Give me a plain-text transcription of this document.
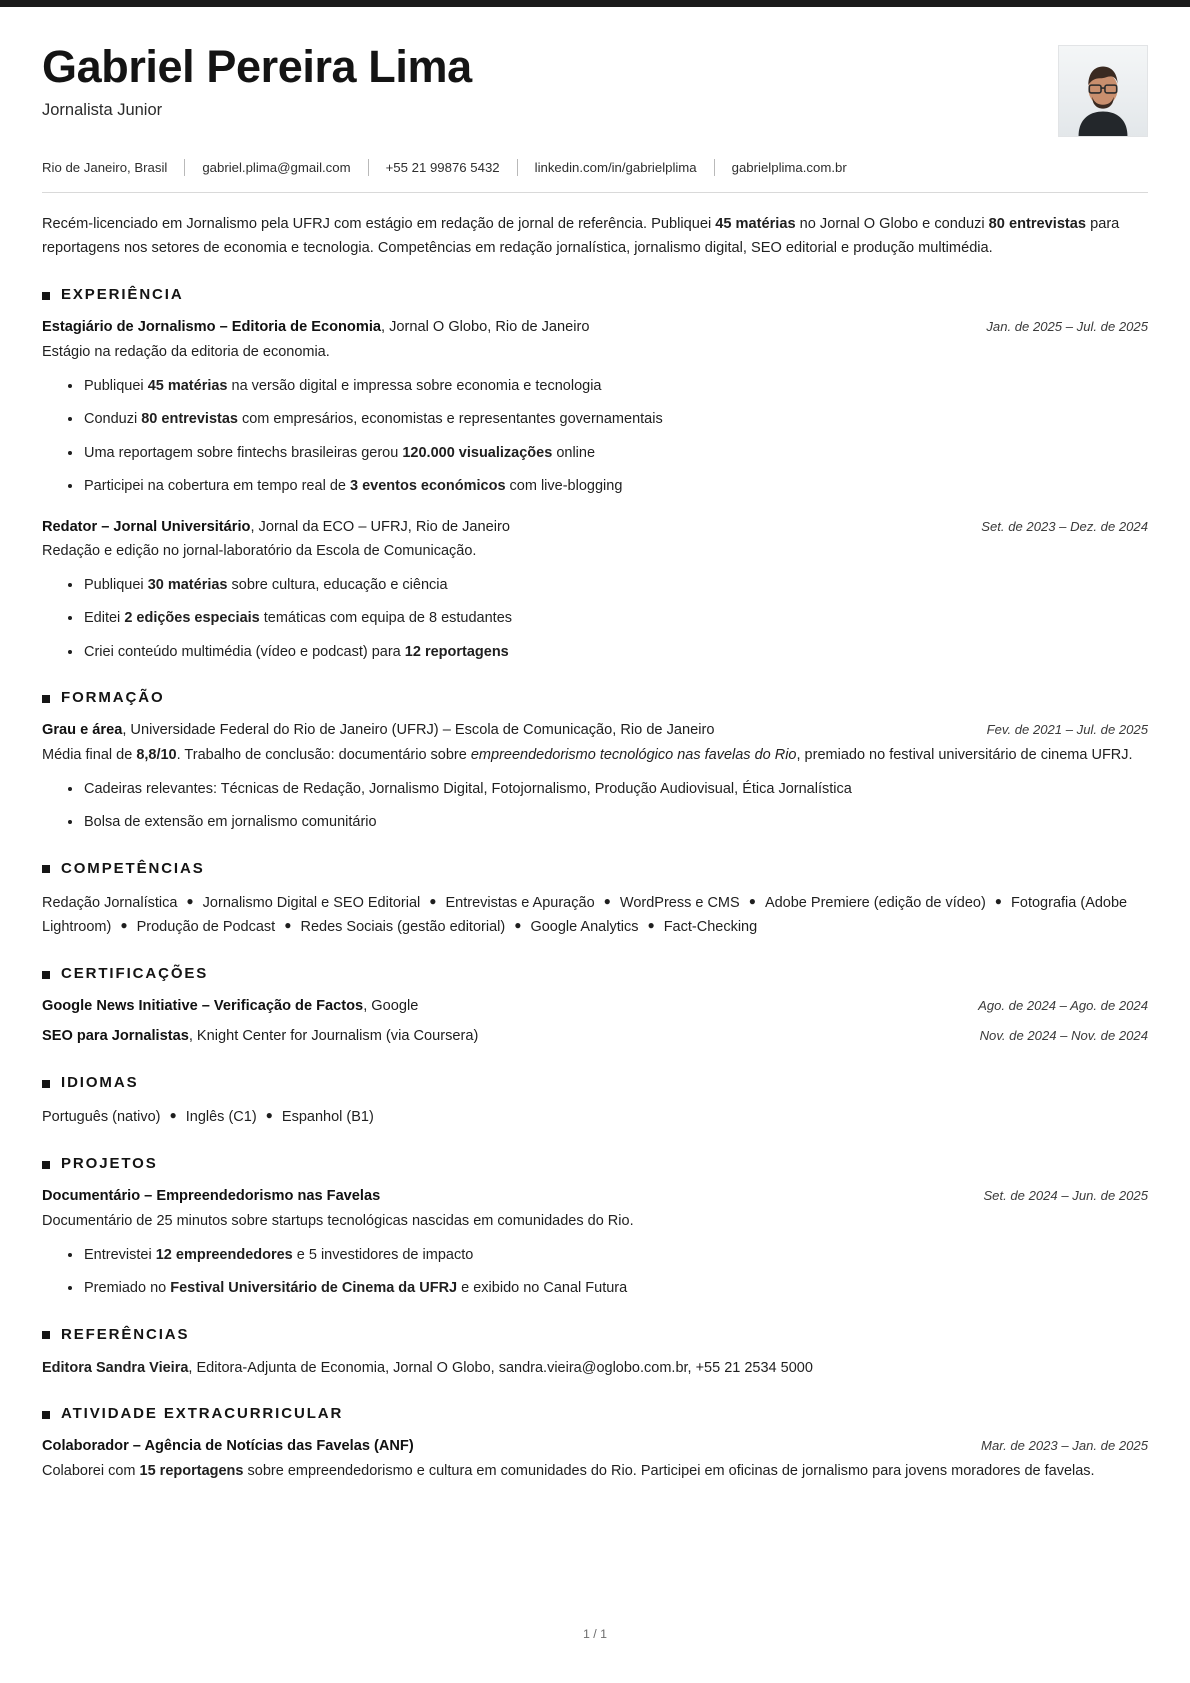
Gabriel Pereira Lima
Jornalista Junior
Rio de Janeiro, Brasil	gabriel.plima@gmail.com	+55 21 99876 5432	linkedin.com/in/gabrielplima	gabrielplima.com.br

Recém-licenciado em Jornalismo pela UFRJ com estágio em redação de jornal de referência. Publiquei 45 matérias no Jornal O Globo e conduzi 80 entrevistas para reportagens nos setores de economia e tecnologia. Competências em redação jornalística, jornalismo digital, SEO editorial e produção multimédia.

EXPERIÊNCIA
Estagiário de Jornalismo – Editoria de Economia, Jornal O Globo, Rio de Janeiro	Jan. de 2025 – Jul. de 2025
Estágio na redação da editoria de economia.
Publiquei 45 matérias na versão digital e impressa sobre economia e tecnologia
Conduzi 80 entrevistas com empresários, economistas e representantes governamentais
Uma reportagem sobre fintechs brasileiras gerou 120.000 visualizações online
Participei na cobertura em tempo real de 3 eventos económicos com live-blogging
Redator – Jornal Universitário, Jornal da ECO – UFRJ, Rio de Janeiro	Set. de 2023 – Dez. de 2024
Redação e edição no jornal-laboratório da Escola de Comunicação.
Publiquei 30 matérias sobre cultura, educação e ciência
Editei 2 edições especiais temáticas com equipa de 8 estudantes
Criei conteúdo multimédia (vídeo e podcast) para 12 reportagens
FORMAÇÃO
Grau e área, Universidade Federal do Rio de Janeiro (UFRJ) – Escola de Comunicação, Rio de Janeiro	Fev. de 2021 – Jul. de 2025
Média final de 8,8/10. Trabalho de conclusão: documentário sobre empreendedorismo tecnológico nas favelas do Rio, premiado no festival universitário de cinema UFRJ.
Cadeiras relevantes: Técnicas de Redação, Jornalismo Digital, Fotojornalismo, Produção Audiovisual, Ética Jornalística
Bolsa de extensão em jornalismo comunitário
COMPETÊNCIAS
Redação Jornalística ● Jornalismo Digital e SEO Editorial ● Entrevistas e Apuração ● WordPress e CMS ● Adobe Premiere (edição de vídeo) ● Fotografia (Adobe Lightroom) ● Produção de Podcast ● Redes Sociais (gestão editorial) ● Google Analytics ● Fact-Checking
CERTIFICAÇÕES
Google News Initiative – Verificação de Factos, Google	Ago. de 2024 – Ago. de 2024
SEO para Jornalistas, Knight Center for Journalism (via Coursera)	Nov. de 2024 – Nov. de 2024
IDIOMAS
Português (nativo) ● Inglês (C1) ● Espanhol (B1)
PROJETOS
Documentário – Empreendedorismo nas Favelas	Set. de 2024 – Jun. de 2025
Documentário de 25 minutos sobre startups tecnológicas nascidas em comunidades do Rio.
Entrevistei 12 empreendedores e 5 investidores de impacto
Premiado no Festival Universitário de Cinema da UFRJ e exibido no Canal Futura
REFERÊNCIAS
Editora Sandra Vieira, Editora-Adjunta de Economia, Jornal O Globo, sandra.vieira@oglobo.com.br, +55 21 2534 5000
ATIVIDADE EXTRACURRICULAR
Colaborador – Agência de Notícias das Favelas (ANF)	Mar. de 2023 – Jan. de 2025
Colaborei com 15 reportagens sobre empreendedorismo e cultura em comunidades do Rio. Participei em oficinas de jornalismo para jovens moradores de favelas.
1 / 1
